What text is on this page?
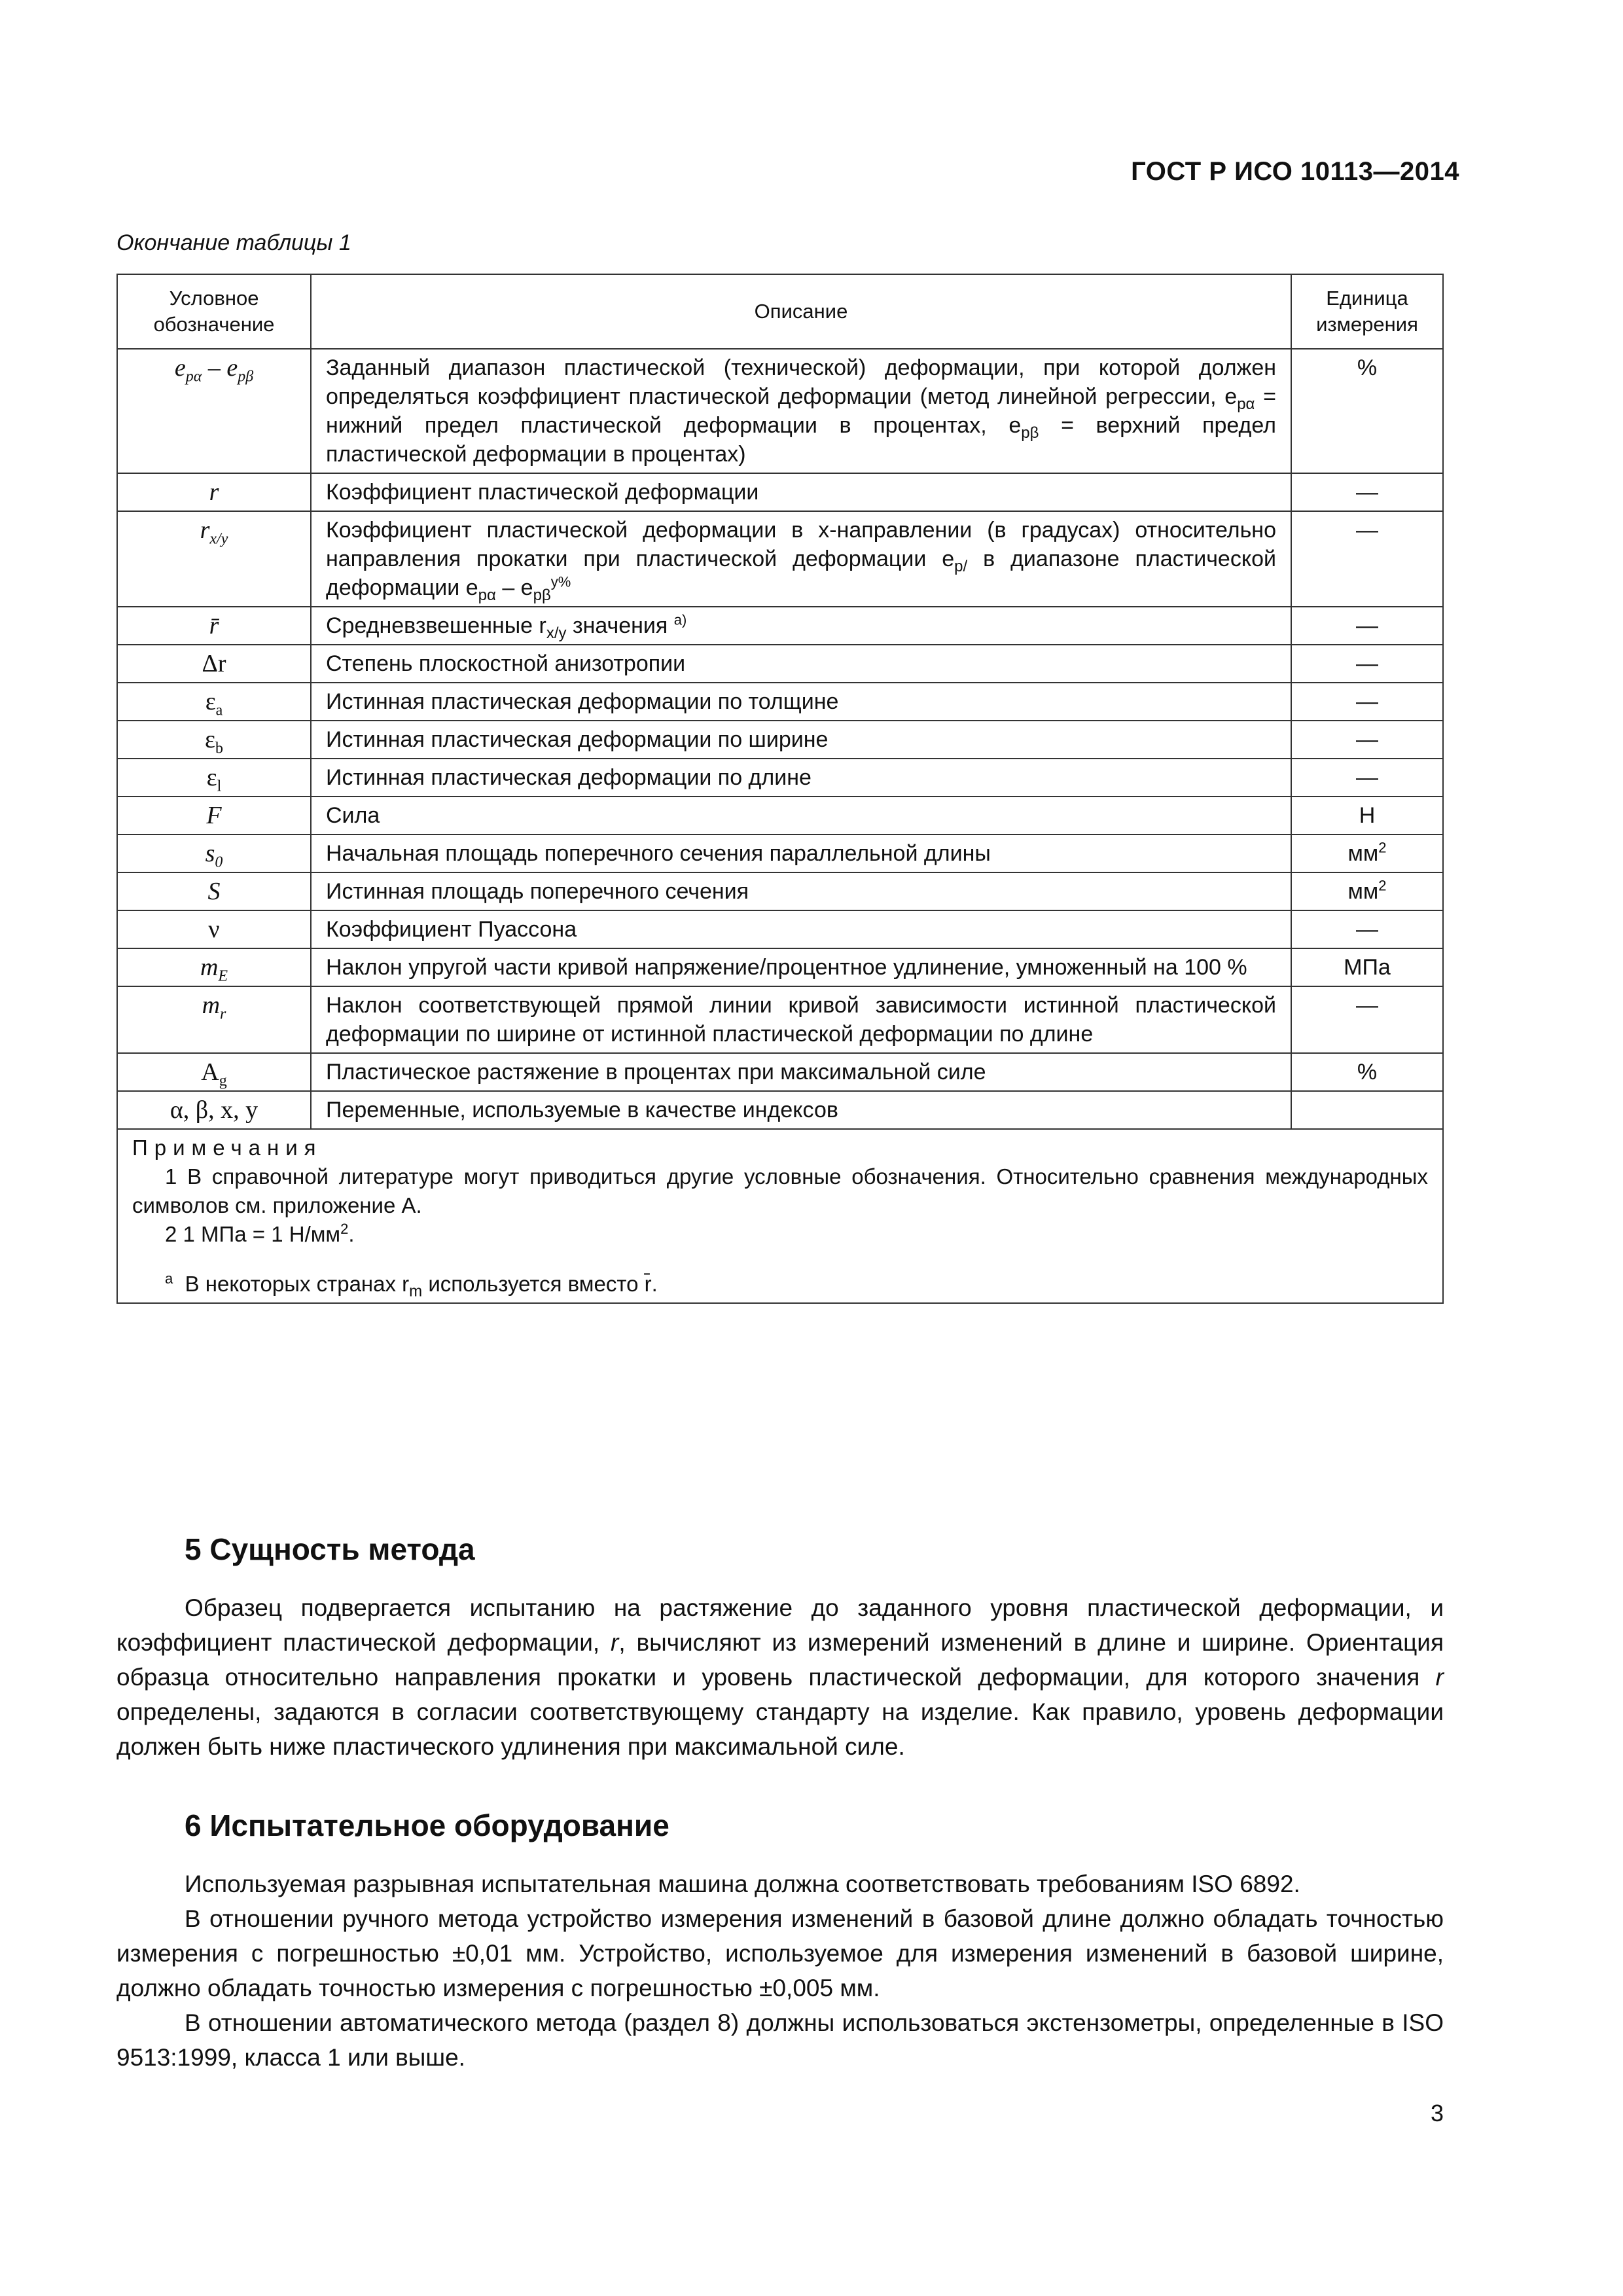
ГОСТ Р ИСО 10113—2014
Окончание таблицы 1
Условное обозначение	Описание	Единица измерения
$e_{p\alpha} - e_{p\beta}$	Заданный диапазон пластической (технической) деформации, при которой должен определяться коэффициент пластической деформации (метод линейной регрессии, $e_{p\alpha}$ = нижний предел пластической деформации в процентах, $e_{p\beta}$ = верхний предел пластической деформации в процентах)	%
r	Коэффициент пластической деформации	—
$r_{x/y}$	Коэффициент пластической деформации в x-направлении (в градусах) относительно направления прокатки при пластической деформации $e_{p/}$ в диапазоне пластической деформации $e_{p\alpha} - e_{p\beta}^{y\%}$	—
r̄	Средневзвешенные $r_{x/y}$ значения $^{a)}$	—
Δr	Степень плоскостной анизотропии	—
$\varepsilon_a$	Истинная пластическая деформации по толщине	—
$\varepsilon_b$	Истинная пластическая деформации по ширине	—
$\varepsilon_l$	Истинная пластическая деформации по длине	—
F	Сила	Н
$s_0$	Начальная площадь поперечного сечения параллельной длины	$мм^2$
S	Истинная площадь поперечного сечения	$мм^2$
ν	Коэффициент Пуассона	—
$m_E$	Наклон упругой части кривой напряжение/процентное удлинение, умноженный на 100 %	МПа
$m_r$	Наклон соответствующей прямой линии кривой зависимости истинной пластической деформации по ширине от истинной пластической деформации по длине	—
$A_g$	Пластическое растяжение в процентах при максимальной силе	%
α, β, x, y	Переменные, используемые в качестве индексов	

Примечания
1 В справочной литературе могут приводиться другие условные обозначения. Относительно сравнения международных символов см. приложение А.
2 1 МПа = 1 $Н/мм^2$.
$^a$  В некоторых странах $r_m$ используется вместо r̄.		
5 Сущность метода

Образец подвергается испытанию на растяжение до заданного уровня пластической деформации, и коэффициент пластической деформации, r, вычисляют из измерений изменений в длине и ширине. Ориентация образца относительно направления прокатки и уровень пластической деформации, для которого значения r определены, задаются в согласии соответствующему стандарту на изделие. Как правило, уровень деформации должен быть ниже пластического удлинения при максимальной силе.

6 Испытательное оборудование

Используемая разрывная испытательная машина должна соответствовать требованиям ISO 6892.

В отношении ручного метода устройство измерения изменений в базовой длине должно обладать точностью измерения с погрешностью ±0,01 мм. Устройство, используемое для измерения изменений в базовой ширине, должно обладать точностью измерения с погрешностью ±0,005 мм.

В отношении автоматического метода (раздел 8) должны использоваться экстензометры, определенные в ISO 9513:1999, класса 1 или выше.

3
